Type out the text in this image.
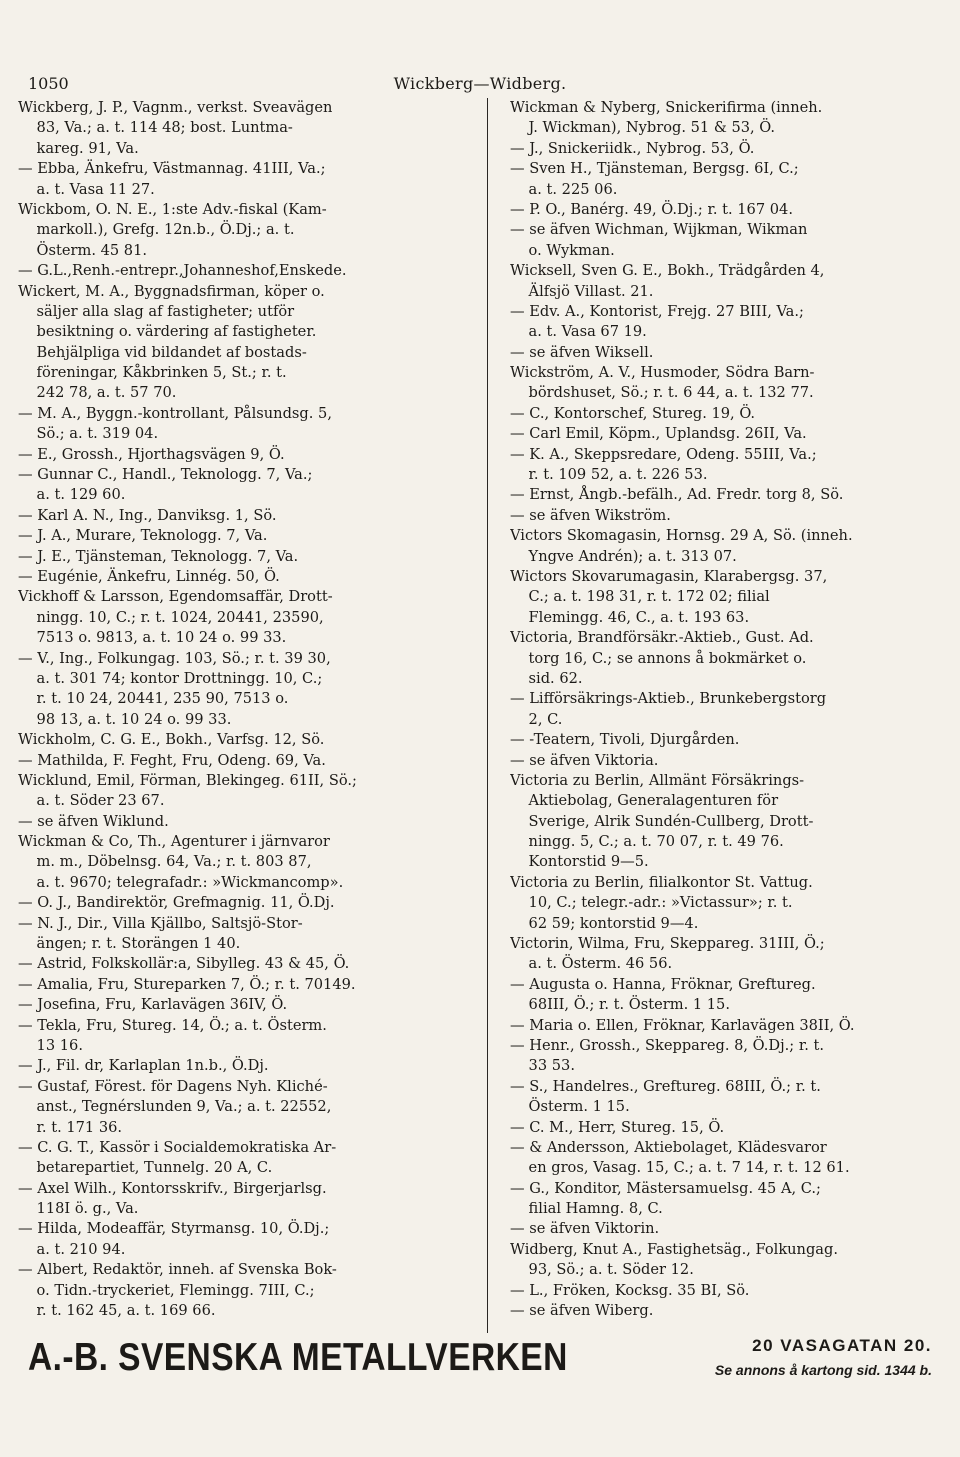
1050	Wickberg—Widberg.
Wickberg, J. P., Vagnm., verkst. Sveavägen
83, Va.; a. t. 114 48; bost. Luntma-
kareg. 91, Va.
— Ebba, Änkefru, Västmannag. 41III, Va.;
a. t. Vasa 11 27.
Wickbom, O. N. E., 1:ste Adv.-fiskal (Kam-
markoll.), Grefg. 12n.b., Ö.Dj.; a. t.
Österm. 45 81.
— G.L.,Renh.-entrepr.,Johanneshof,Enskede.
Wickert, M. A., Byggnadsfirman, köper o.
säljer alla slag af fastigheter; utför
besiktning o. värdering af fastigheter.
Behjälpliga vid bildandet af bostads-
föreningar, Kåkbrinken 5, St.; r. t.
242 78, a. t. 57 70.
— M. A., Byggn.-kontrollant, Pålsundsg. 5,
Sö.; a. t. 319 04.
— E., Grossh., Hjorthagsvägen 9, Ö.
— Gunnar C., Handl., Teknologg. 7, Va.;
a. t. 129 60.
— Karl A. N., Ing., Danviksg. 1, Sö.
— J. A., Murare, Teknologg. 7, Va.
— J. E., Tjänsteman, Teknologg. 7, Va.
— Eugénie, Änkefru, Linnég. 50, Ö.
Vickhoff & Larsson, Egendomsaffär, Drott-
ningg. 10, C.; r. t. 1024, 20441, 23590,
7513 o. 9813, a. t. 10 24 o. 99 33.
— V., Ing., Folkungag. 103, Sö.; r. t. 39 30,
a. t. 301 74; kontor Drottningg. 10, C.;
r. t. 10 24, 20441, 235 90, 7513 o.
98 13, a. t. 10 24 o. 99 33.
Wickholm, C. G. E., Bokh., Varfsg. 12, Sö.
— Mathilda, F. Feght, Fru, Odeng. 69, Va.
Wicklund, Emil, Förman, Blekingeg. 61II, Sö.;
a. t. Söder 23 67.
— se äfven Wiklund.
Wickman & Co, Th., Agenturer i järnvaror
m. m., Döbelnsg. 64, Va.; r. t. 803 87,
a. t. 9670; telegrafadr.: »Wickmancomp».
— O. J., Bandirektör, Grefmagnig. 11, Ö.Dj.
— N. J., Dir., Villa Kjällbo, Saltsjö-Stor-
ängen; r. t. Storängen 1 40.
— Astrid, Folkskollär:a, Sibylleg. 43 & 45, Ö.
— Amalia, Fru, Stureparken 7, Ö.; r. t. 70149.
— Josefina, Fru, Karlavägen 36IV, Ö.
— Tekla, Fru, Stureg. 14, Ö.; a. t. Österm.
13 16.
— J., Fil. dr, Karlaplan 1n.b., Ö.Dj.
— Gustaf, Förest. för Dagens Nyh. Kliché-
anst., Tegnérslunden 9, Va.; a. t. 22552,
r. t. 171 36.
— C. G. T., Kassör i Socialdemokratiska Ar-
betarepartiet, Tunnelg. 20 A, C.
— Axel Wilh., Kontorsskrifv., Birgerjarlsg.
118I ö. g., Va.
— Hilda, Modeaffär, Styrmansg. 10, Ö.Dj.;
a. t. 210 94.
— Albert, Redaktör, inneh. af Svenska Bok-
o. Tidn.-tryckeriet, Flemingg. 7III, C.;
r. t. 162 45, a. t. 169 66.
Wickman & Nyberg, Snickerifirma (inneh.
J. Wickman), Nybrog. 51 & 53, Ö.
— J., Snickeriidk., Nybrog. 53, Ö.
— Sven H., Tjänsteman, Bergsg. 6I, C.;
a. t. 225 06.
— P. O., Banérg. 49, Ö.Dj.; r. t. 167 04.
— se äfven Wichman, Wijkman, Wikman
o. Wykman.
Wicksell, Sven G. E., Bokh., Trädgården 4,
Älfsjö Villast. 21.
— Edv. A., Kontorist, Frejg. 27 BIII, Va.;
a. t. Vasa 67 19.
— se äfven Wiksell.
Wickström, A. V., Husmoder, Södra Barn-
bördshuset, Sö.; r. t. 6 44, a. t. 132 77.
— C., Kontorschef, Stureg. 19, Ö.
— Carl Emil, Köpm., Uplandsg. 26II, Va.
— K. A., Skeppsredare, Odeng. 55III, Va.;
r. t. 109 52, a. t. 226 53.
— Ernst, Ångb.-befälh., Ad. Fredr. torg 8, Sö.
— se äfven Wikström.
Victors Skomagasin, Hornsg. 29 A, Sö. (inneh.
Yngve Andrén); a. t. 313 07.
Wictors Skovarumagasin, Klarabergsg. 37,
C.; a. t. 198 31, r. t. 172 02; filial
Flemingg. 46, C., a. t. 193 63.
Victoria, Brandförsäkr.-Aktieb., Gust. Ad.
torg 16, C.; se annons å bokmärket o.
sid. 62.
— Lifförsäkrings-Aktieb., Brunkebergstorg
2, C.
— -Teatern, Tivoli, Djurgården.
— se äfven Viktoria.
Victoria zu Berlin, Allmänt Försäkrings-
Aktiebolag, Generalagenturen för
Sverige, Alrik Sundén-Cullberg, Drott-
ningg. 5, C.; a. t. 70 07, r. t. 49 76.
Kontorstid 9—5.
Victoria zu Berlin, filialkontor St. Vattug.
10, C.; telegr.-adr.: »Victassur»; r. t.
62 59; kontorstid 9—4.
Victorin, Wilma, Fru, Skeppareg. 31III, Ö.;
a. t. Österm. 46 56.
— Augusta o. Hanna, Fröknar, Greftureg.
68III, Ö.; r. t. Österm. 1 15.
— Maria o. Ellen, Fröknar, Karlavägen 38II, Ö.
— Henr., Grossh., Skeppareg. 8, Ö.Dj.; r. t.
33 53.
— S., Handelres., Greftureg. 68III, Ö.; r. t.
Österm. 1 15.
— C. M., Herr, Stureg. 15, Ö.
— & Andersson, Aktiebolaget, Klädesvaror
en gros, Vasag. 15, C.; a. t. 7 14, r. t. 12 61.
— G., Konditor, Mästersamuelsg. 45 A, C.;
filial Hamng. 8, C.
— se äfven Viktorin.
Widberg, Knut A., Fastighetsäg., Folkungag.
93, Sö.; a. t. Söder 12.
— L., Fröken, Kocksg. 35 BI, Sö.
— se äfven Wiberg.
A.-B. SVENSKA METALLVERKEN	20 VASAGATAN 20.
Se annons å kartong sid. 1344 b.
